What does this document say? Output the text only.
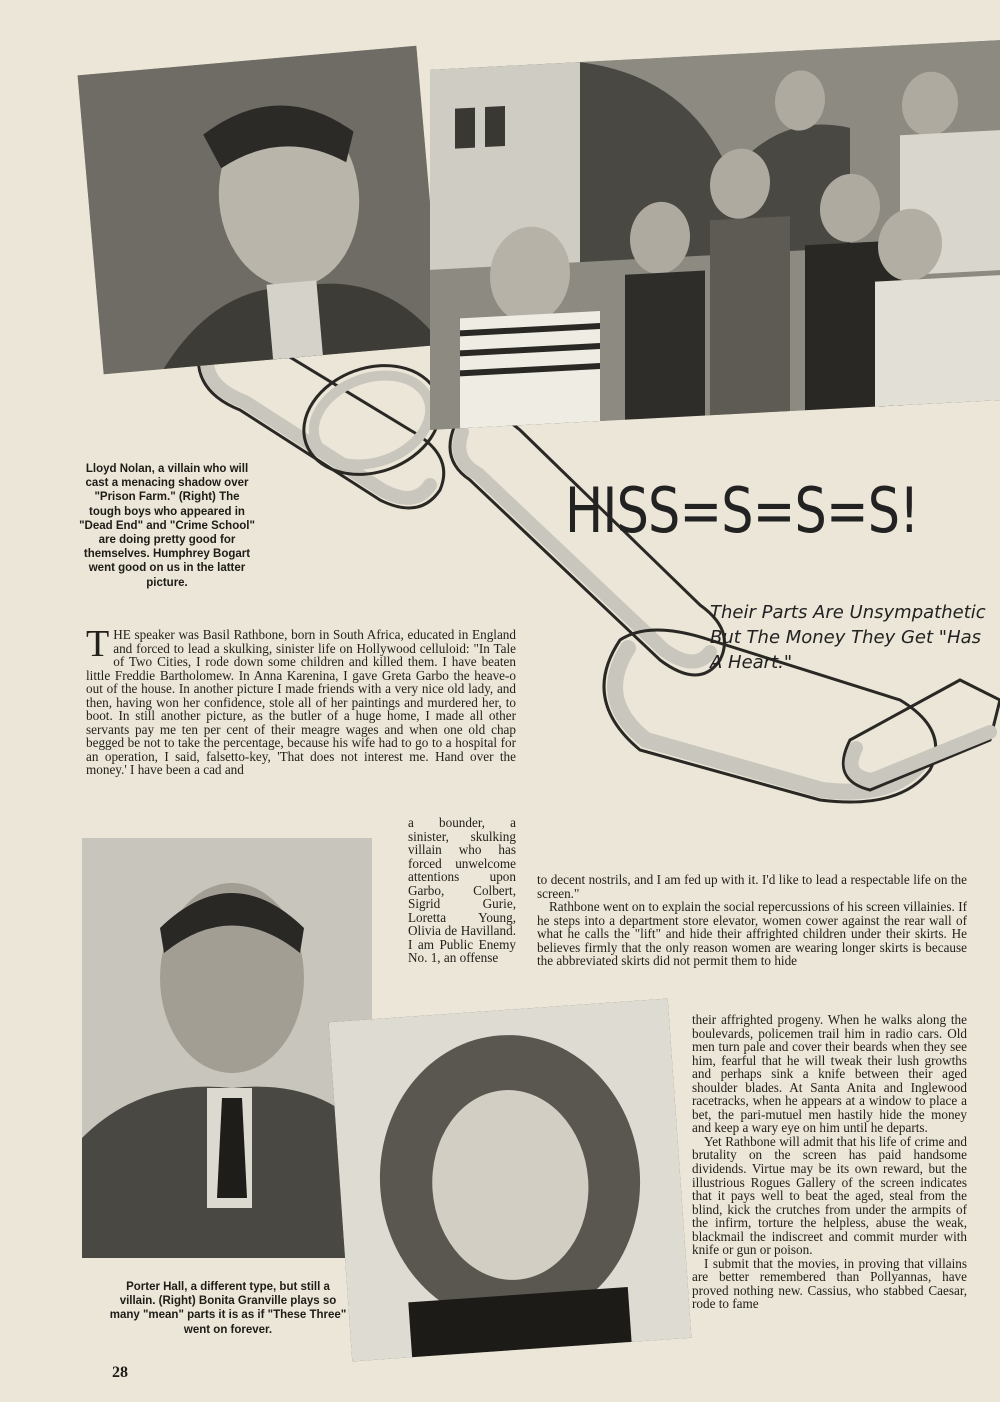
Lloyd Nolan, a villain who will cast a menacing shadow over "Prison Farm." (Right) The tough boys who appeared in "Dead End" and "Crime School" are doing pretty good for themselves. Humphrey Bogart went good on us in the latter picture.
HISS=S=S=S!
Their Parts Are Unsympathetic But The Money They Get "Has A Heart."
T HE speaker was Basil Rathbone, born in South Africa, educated in England and forced to lead a skulking, sinister life on Hollywood celluloid: "In Tale of Two Cities, I rode down some children and killed them. I have beaten little Freddie Bartholomew. In Anna Karenina, I gave Greta Garbo the heave-o out of the house. In another picture I made friends with a very nice old lady, and then, having won her confidence, stole all of her paintings and murdered her, to boot. In still another picture, as the butler of a huge home, I made all other servants pay me ten per cent of their meagre wages and when one old chap begged be not to take the percentage, because his wife had to go to a hospital for an operation, I said, falsetto-key, 'That does not interest me. Hand over the money.' I have been a cad and

a bounder, a sinister, skulking villain who has forced unwelcome attentions upon Garbo, Colbert, Sigrid Gurie, Loretta Young, Olivia de Havilland. I am Public Enemy No. 1, an offense

to decent nostrils, and I am fed up with it. I'd like to lead a respectable life on the screen."

Rathbone went on to explain the social repercussions of his screen villainies. If he steps into a department store elevator, women cower against the rear wall of what he calls the "lift" and hide their affrighted children under their skirts. He believes firmly that the only reason women are wearing longer skirts is because the abbreviated skirts did not permit them to hide

their affrighted progeny. When he walks along the boulevards, policemen trail him in radio cars. Old men turn pale and cover their beards when they see him, fearful that he will tweak their lush growths and perhaps sink a knife between their aged shoulder blades. At Santa Anita and Inglewood racetracks, when he appears at a window to place a bet, the pari-mutuel men hastily hide the money and keep a wary eye on him until he departs.

Yet Rathbone will admit that his life of crime and brutality on the screen has paid handsome dividends. Virtue may be its own reward, but the illustrious Rogues Gallery of the screen indicates that it pays well to beat the aged, steal from the blind, kick the crutches from under the armpits of the infirm, torture the helpless, abuse the weak, blackmail the indiscreet and commit murder with knife or gun or poison.

I submit that the movies, in proving that villains are better remembered than Pollyannas, have proved nothing new. Cassius, who stabbed Caesar, rode to fame

Porter Hall, a different type, but still a villain. (Right) Bonita Granville plays so many "mean" parts it is as if "These Three" went on forever.
28
